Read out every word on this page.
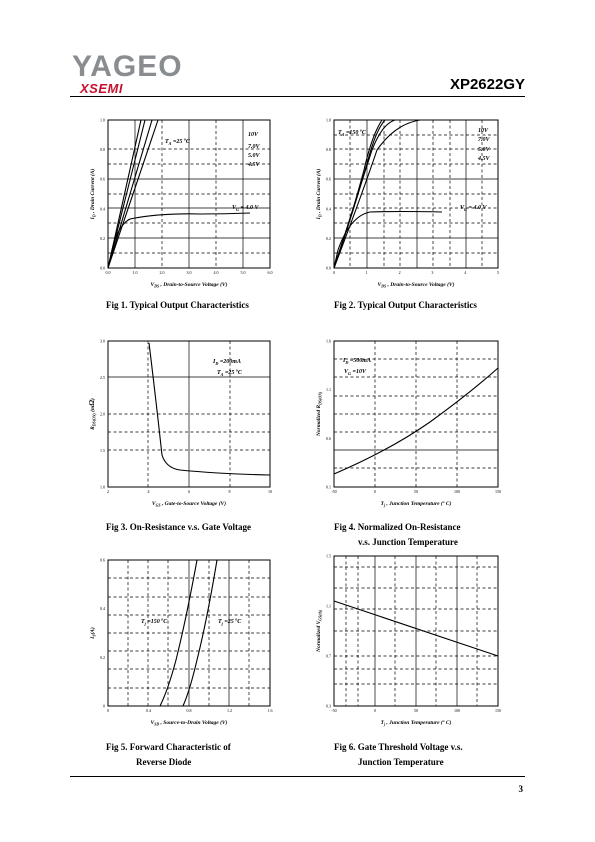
YAGEO
XSEMI	XP2622GY
0.0	1.0	2.0	3.0	4.0	5.0	6.0
0.0
0.2
0.4
0.6
0.8
1.0
$V_{DS}$ , Drain-to-Source Voltage (V)
$I_D$ , Drain Current (A)
$T_A =25$ $^o$C
10V
7.0V
5.0V
4.5V
$V_G = 4.0$ V
0	1	2	3	4	5
0.0
0.2
0.4
0.6
0.8
1.0
$V_{DS}$ , Drain-to-Source Voltage (V)
$I_D$ , Drain Current (A)
$T_A =150$ $^o$C	10V
7.0V
5.0V
4.5V
$V_G = 4.0$ V
2	4	6	8	10
1.0
1.5
2.0
2.5
3.0
$V_{GS}$ , Gate-to-Source Voltage (V)
$R_{DS(ON)}$ (mΩ)
$I_D =200mA$
$T_A =25$ $^o$C
-50	0	50	100	150
0.1
0.6
1.1
1.6
$T_j$ , Junction Temperature ($^o$ C)
Normalized $R_{DS(ON)}$
$I_D =500mA$
$V_G =10V$
0	0.4	0.8	1.2	1.6
0
0.2
0.4
0.6
$V_{SD}$ , Source-to-Drain Voltage (V)
$I_S(A)$
$T_j =150$ $^o$C	$T_j =25$ $^o$C
-50	0	50	100	150
0.3
0.7
1.1
1.5
$T_j$ , Junction Temperature ($^o$ C)
Normalized $V_{GS(th)}$
3
Fig 1. Typical Output Characteristics	Fig 2. Typical Output Characteristics
Fig 3. On-Resistance v.s. Gate Voltage	Fig 4. Normalized On-Resistance
v.s. Junction Temperature
Fig 5. Forward Characteristic of
Reverse Diode
Fig 6. Gate Threshold Voltage v.s.
Junction Temperature
